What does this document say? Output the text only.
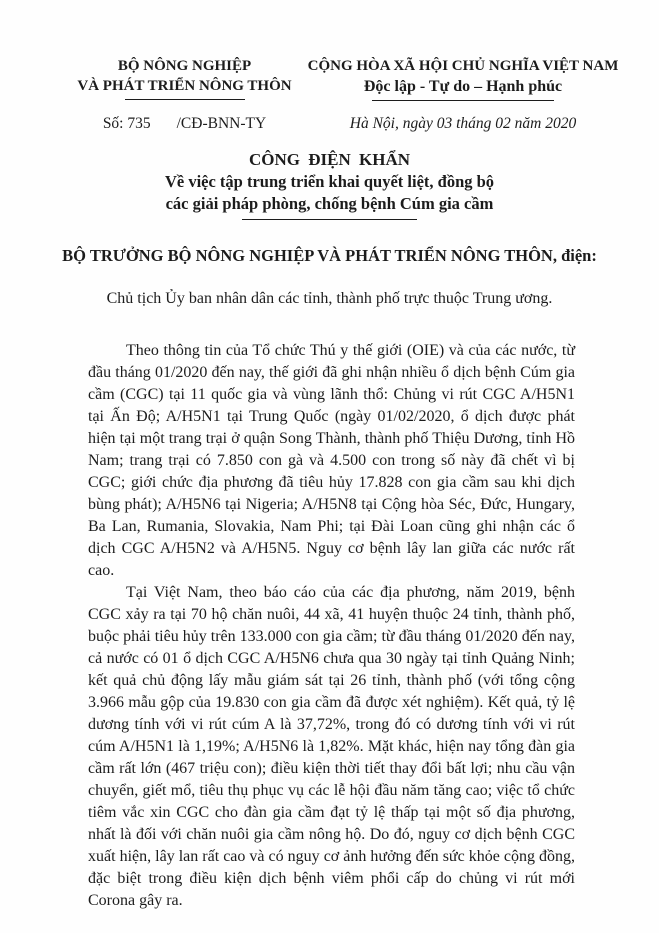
BỘ NÔNG NGHIỆP
VÀ PHÁT TRIỂN NÔNG THÔN
CỘNG HÒA XÃ HỘI CHỦ NGHĨA VIỆT NAM
Độc lập - Tự do – Hạnh phúc
Số: 735 /CĐ-BNN-TY	Hà Nội, ngày 03 tháng 02 năm 2020
CÔNG ĐIỆN KHẨN
Về việc tập trung triển khai quyết liệt, đồng bộ
các giải pháp phòng, chống bệnh Cúm gia cầm
BỘ TRƯỞNG BỘ NÔNG NGHIỆP VÀ PHÁT TRIỂN NÔNG THÔN, điện:
Chủ tịch Ủy ban nhân dân các tỉnh, thành phố trực thuộc Trung ương.

Theo thông tin của Tổ chức Thú y thế giới (OIE) và của các nước, từ đầu tháng 01/2020 đến nay, thế giới đã ghi nhận nhiều ổ dịch bệnh Cúm gia cầm (CGC) tại 11 quốc gia và vùng lãnh thổ: Chủng vi rút CGC A/H5N1 tại Ấn Độ; A/H5N1 tại Trung Quốc (ngày 01/02/2020, ổ dịch được phát hiện tại một trang trại ở quận Song Thành, thành phố Thiệu Dương, tỉnh Hồ Nam; trang trại có 7.850 con gà và 4.500 con trong số này đã chết vì bị CGC; giới chức địa phương đã tiêu hủy 17.828 con gia cầm sau khi dịch bùng phát); A/H5N6 tại Nigeria; A/H5N8 tại Cộng hòa Séc, Đức, Hungary, Ba Lan, Rumania, Slovakia, Nam Phi; tại Đài Loan cũng ghi nhận các ổ dịch CGC A/H5N2 và A/H5N5. Nguy cơ bệnh lây lan giữa các nước rất cao.

Tại Việt Nam, theo báo cáo của các địa phương, năm 2019, bệnh CGC xảy ra tại 70 hộ chăn nuôi, 44 xã, 41 huyện thuộc 24 tỉnh, thành phố, buộc phải tiêu hủy trên 133.000 con gia cầm; từ đầu tháng 01/2020 đến nay, cả nước có 01 ổ dịch CGC A/H5N6 chưa qua 30 ngày tại tỉnh Quảng Ninh; kết quả chủ động lấy mẫu giám sát tại 26 tỉnh, thành phố (với tổng cộng 3.966 mẫu gộp của 19.830 con gia cầm đã được xét nghiệm). Kết quả, tỷ lệ dương tính với vi rút cúm A là 37,72%, trong đó có dương tính với vi rút cúm A/H5N1 là 1,19%; A/H5N6 là 1,82%. Mặt khác, hiện nay tổng đàn gia cầm rất lớn (467 triệu con); điều kiện thời tiết thay đổi bất lợi; nhu cầu vận chuyển, giết mổ, tiêu thụ phục vụ các lễ hội đầu năm tăng cao; việc tổ chức tiêm vắc xin CGC cho đàn gia cầm đạt tỷ lệ thấp tại một số địa phương, nhất là đối với chăn nuôi gia cầm nông hộ. Do đó, nguy cơ dịch bệnh CGC xuất hiện, lây lan rất cao và có nguy cơ ảnh hưởng đến sức khỏe cộng đồng, đặc biệt trong điều kiện dịch bệnh viêm phổi cấp do chủng vi rút mới Corona gây ra.
